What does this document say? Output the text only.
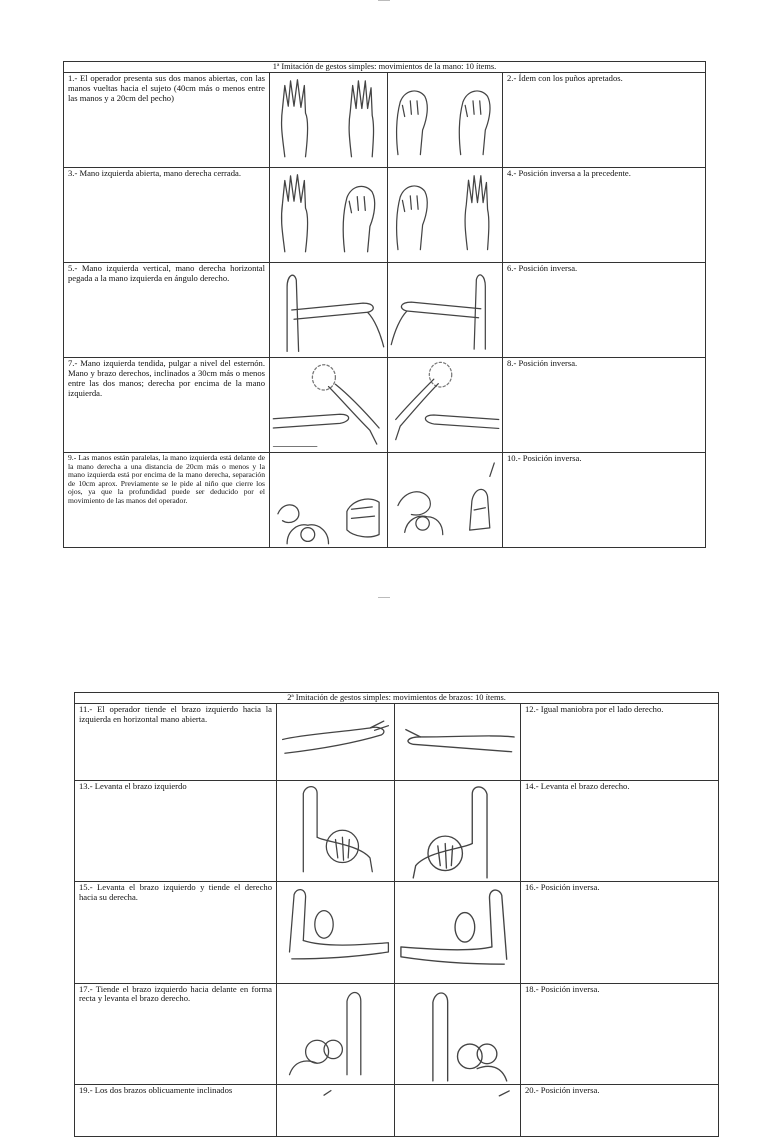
1ª Imitación de gestos simples: movimientos de la mano: 10 ítems.			
1.- El operador presenta sus dos manos abiertas, con las manos vueltas hacia el sujeto (40cm más o menos entre las manos y a 20cm del pecho)			2.- Ídem con los puños apretados.
3.- Mano izquierda abierta, mano derecha cerrada.			4.- Posición inversa a la precedente.
5.- Mano izquierda vertical, mano derecha horizontal pegada a la mano izquierda en ángulo derecho.			6.- Posición inversa.
7.- Mano izquierda tendida, pulgar a nivel del esternón. Mano y brazo derechos, inclinados a 30cm más o menos entre las dos manos; derecha por encima de la mano izquierda.			8.- Posición inversa.
9.- Las manos están paralelas, la mano izquierda está delante de la mano derecha a una distancia de 20cm más o menos y la mano izquierda está por encima de la mano derecha, separación de 10cm aprox. Previamente se le pide al niño que cierre los ojos, ya que la profundidad puede ser deducido por el movimiento de las manos del operador.			10.- Posición inversa.
2ª Imitación de gestos simples: movimientos de brazos: 10 ítems.			
11.- El operador tiende el brazo izquierdo hacia la izquierda en horizontal mano abierta.			12.- Igual maniobra por el lado derecho.
13.- Levanta el brazo izquierdo			14.- Levanta el brazo derecho.
15.- Levanta el brazo izquierdo y tiende el derecho hacia su derecha.			16.- Posición inversa.
17.- Tiende el brazo izquierdo hacia delante en forma recta y levanta el brazo derecho.			18.- Posición inversa.
19.- Los dos brazos oblicuamente inclinados			20.- Posición inversa.
